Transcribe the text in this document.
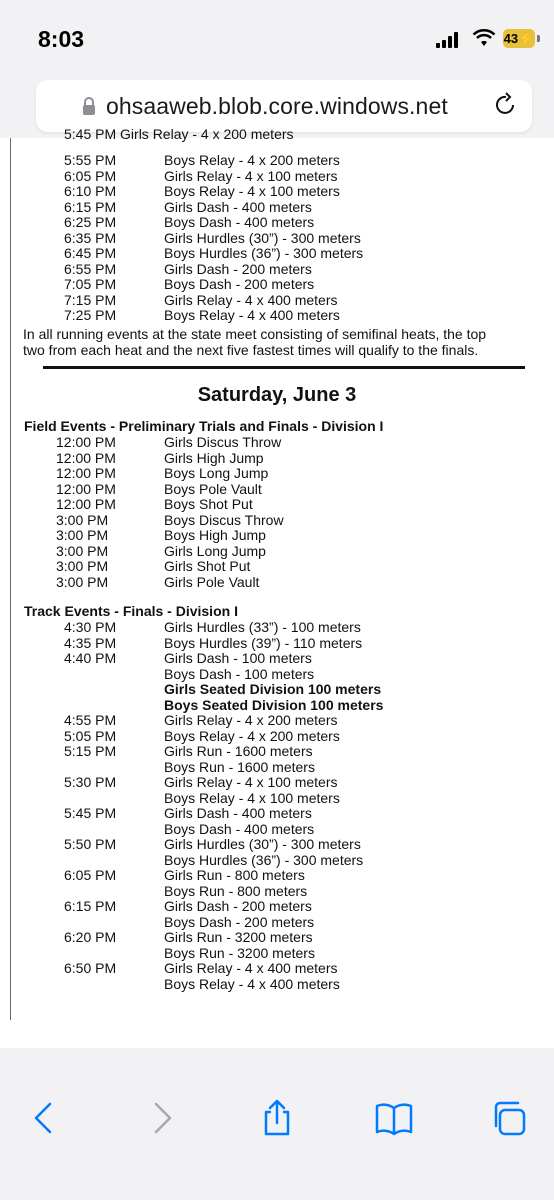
8:03	43⚡
ohsaaweb.blob.core.windows.net
5:45 PM Girls Relay - 4 x 200 meters
5:55 PM	Boys Relay - 4 x 200 meters
6:05 PM	Girls Relay - 4 x 100 meters
6:10 PM	Boys Relay - 4 x 100 meters
6:15 PM	Girls Dash - 400 meters
6:25 PM	Boys Dash - 400 meters
6:35 PM	Girls Hurdles (30”) - 300 meters
6:45 PM	Boys Hurdles (36”) - 300 meters
6:55 PM	Girls Dash - 200 meters
7:05 PM	Boys Dash - 200 meters
7:15 PM	Girls Relay - 4 x 400 meters
7:25 PM	Boys Relay - 4 x 400 meters
In all running events at the state meet consisting of semifinal heats, the top
two from each heat and the next five fastest times will qualify to the finals.
Saturday, June 3
Field Events - Preliminary Trials and Finals - Division I
12:00 PM	Girls Discus Throw
12:00 PM	Girls High Jump
12:00 PM	Boys Long Jump
12:00 PM	Boys Pole Vault
12:00 PM	Boys Shot Put
3:00 PM	Boys Discus Throw
3:00 PM	Boys High Jump
3:00 PM	Girls Long Jump
3:00 PM	Girls Shot Put
3:00 PM	Girls Pole Vault
Track Events - Finals - Division I
4:30 PM	Girls Hurdles (33”) - 100 meters
4:35 PM	Boys Hurdles (39”) - 110 meters
4:40 PM	Girls Dash - 100 meters
Boys Dash - 100 meters
Girls Seated Division 100 meters
Boys Seated Division 100 meters
4:55 PM	Girls Relay - 4 x 200 meters
5:05 PM	Boys Relay - 4 x 200 meters
5:15 PM	Girls Run - 1600 meters
Boys Run - 1600 meters
5:30 PM	Girls Relay - 4 x 100 meters
Boys Relay - 4 x 100 meters
5:45 PM	Girls Dash - 400 meters
Boys Dash - 400 meters
5:50 PM	Girls Hurdles (30”) - 300 meters
Boys Hurdles (36”) - 300 meters
6:05 PM	Girls Run - 800 meters
Boys Run - 800 meters
6:15 PM	Girls Dash - 200 meters
Boys Dash - 200 meters
6:20 PM	Girls Run - 3200 meters
Boys Run - 3200 meters
6:50 PM	Girls Relay - 4 x 400 meters
Boys Relay - 4 x 400 meters
